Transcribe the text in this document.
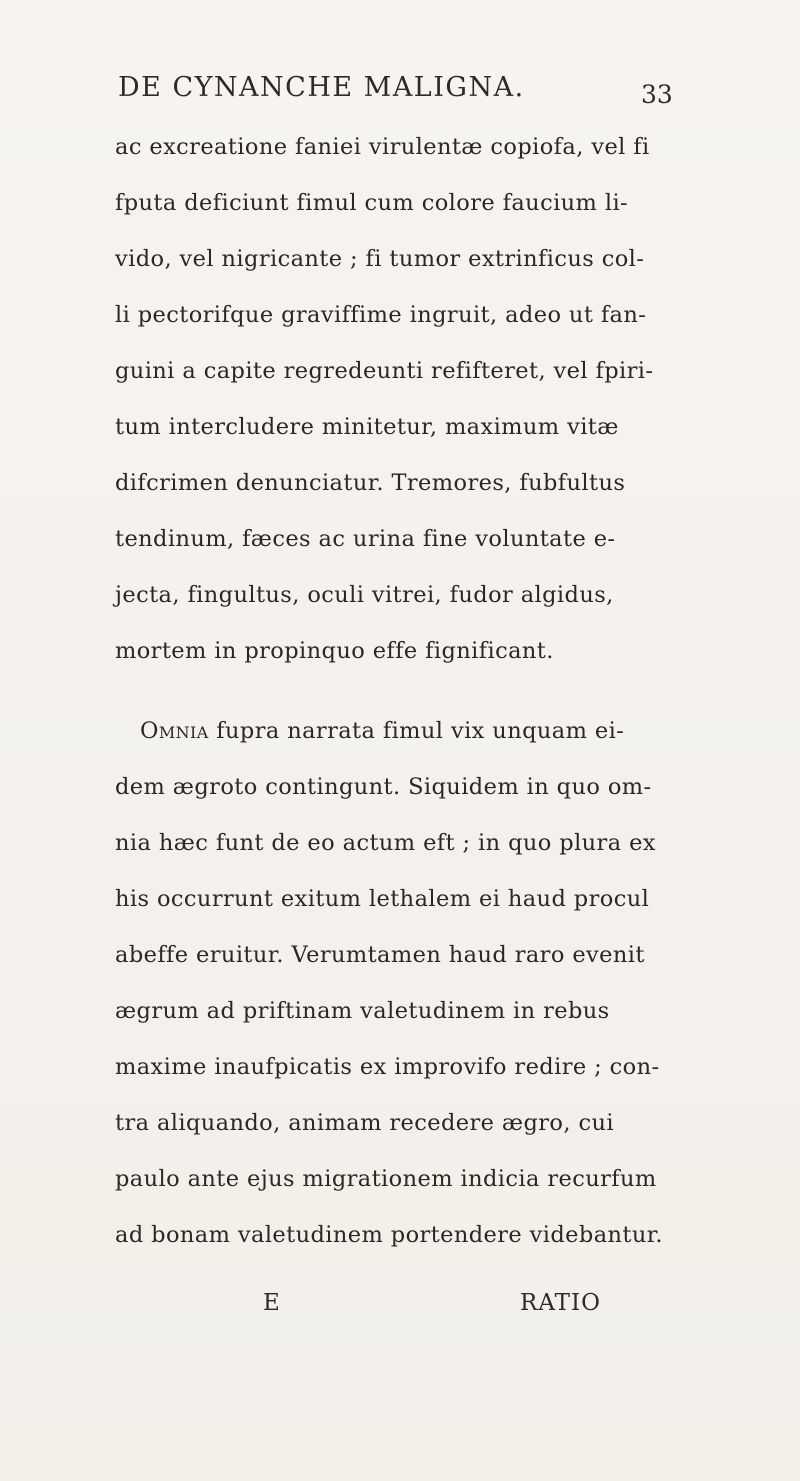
DE CYNANCHE MALIGNA.	33
ac excreatione faniei virulentæ copiofa, vel fi
fputa deficiunt fimul cum colore faucium li-
vido, vel nigricante ; fi tumor extrinficus col-
li pectorifque graviffime ingruit, adeo ut fan-
guini a capite regredeunti refifteret, vel fpiri-
tum intercludere minitetur, maximum vitæ
difcrimen denunciatur. Tremores, fubfultus
tendinum, fæces ac urina fine voluntate e-
jecta, fingultus, oculi vitrei, fudor algidus,
mortem in propinquo effe fignificant.
Omnia fupra narrata fimul vix unquam ei-
dem ægroto contingunt. Siquidem in quo om-
nia hæc funt de eo actum eft ; in quo plura ex
his occurrunt exitum lethalem ei haud procul
abeffe eruitur. Verumtamen haud raro evenit
ægrum ad priftinam valetudinem in rebus
maxime inaufpicatis ex improvifo redire ; con-
tra aliquando, animam recedere ægro, cui
paulo ante ejus migrationem indicia recurfum
ad bonam valetudinem portendere videbantur.
E	RATIO
